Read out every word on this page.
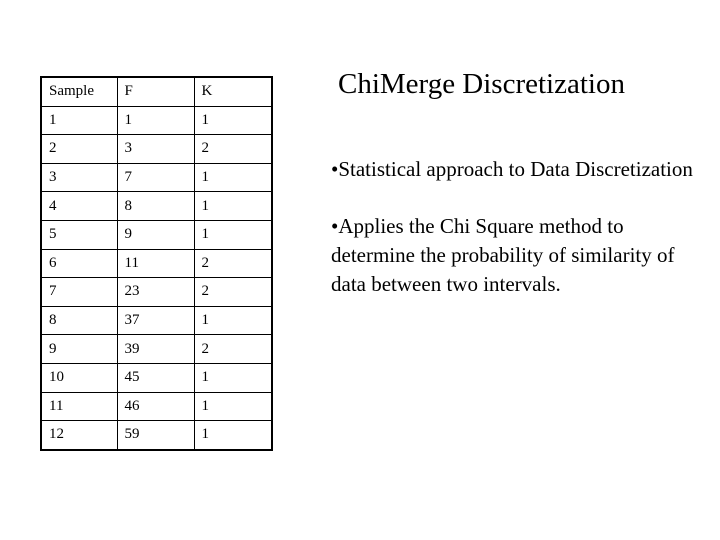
Sample	F	K
1	1	1
2	3	2
3	7	1
4	8	1
5	9	1
6	11	2
7	23	2
8	37	1
9	39	2
10	45	1
11	46	1
12	59	1
ChiMerge Discretization
•Statistical approach to Data Discretization
•Applies the Chi Square method to determine the probability of similarity of data between two intervals.
